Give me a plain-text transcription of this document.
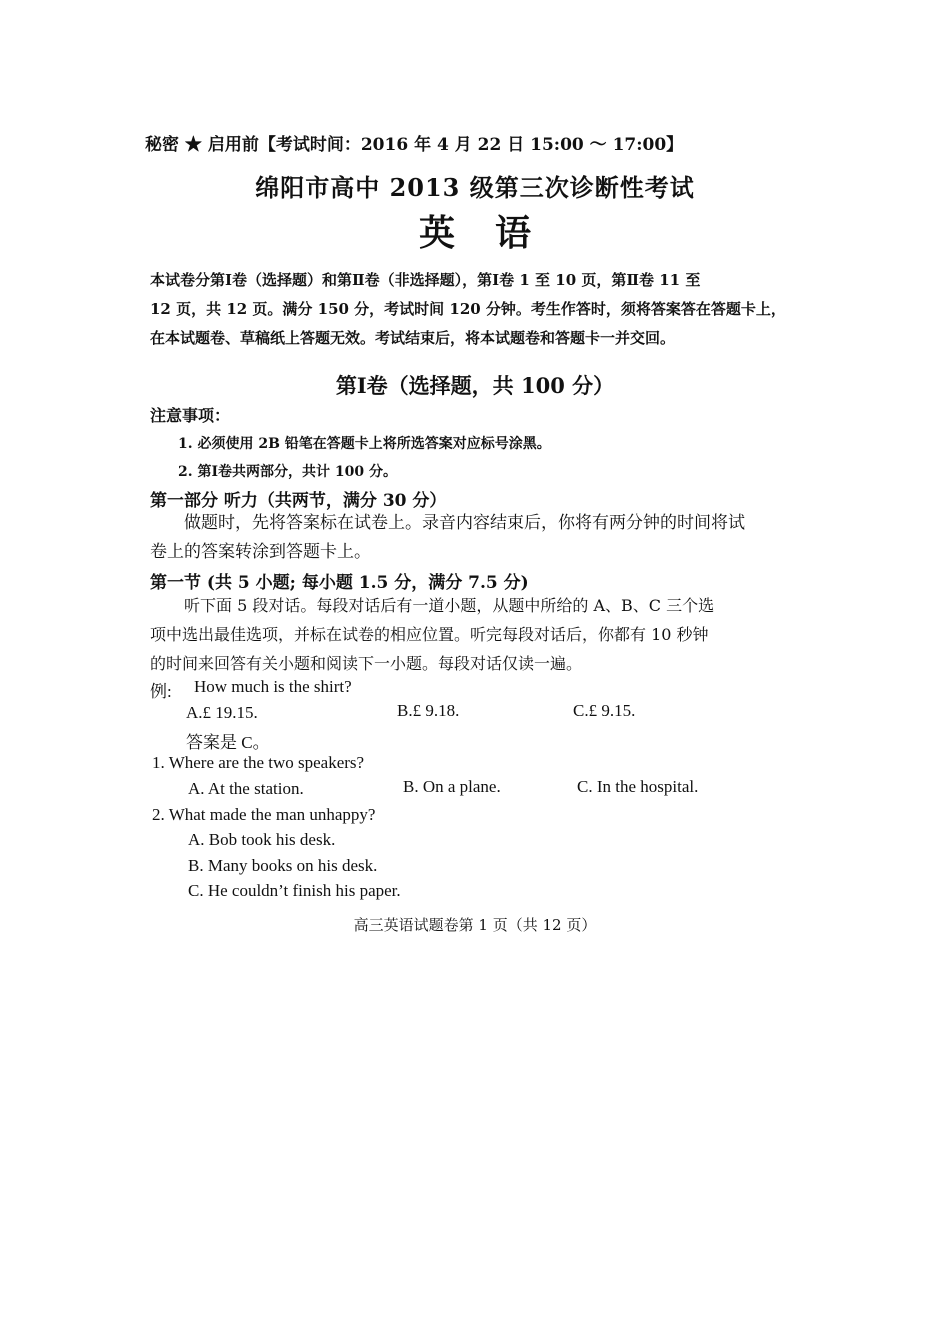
秘密 ★ 启用前【考试时间：2016 年 4 月 22 日 15:00 ～ 17:00】
绵阳市高中 2013 级第三次诊断性考试
英语

本试卷分第Ⅰ卷（选择题）和第Ⅱ卷（非选择题），第Ⅰ卷 1 至 10 页，第Ⅱ卷 11 至

12 页，共 12 页。满分 150 分，考试时间 120 分钟。考生作答时，须将答案答在答题卡上，

在本试题卷、草稿纸上答题无效。考试结束后，将本试题卷和答题卡一并交回。

第Ⅰ卷（选择题，共 100 分）
注意事项：
1. 必须使用 2B 铅笔在答题卡上将所选答案对应标号涂黑。
2. 第Ⅰ卷共两部分，共计 100 分。
第一部分 听力（共两节，满分 30 分）

做题时，先将答案标在试卷上。录音内容结束后，你将有两分钟的时间将试

卷上的答案转涂到答题卡上。

第一节 (共 5 小题; 每小题 1.5 分，满分 7.5 分)

听下面 5 段对话。每段对话后有一道小题，从题中所给的 A、B、C 三个选

项中选出最佳选项，并标在试卷的相应位置。听完每段对话后，你都有 10 秒钟

的时间来回答有关小题和阅读下一小题。每段对话仅读一遍。

例: How much is the shirt?
A.£ 19.15.	B.£ 9.18.	C.£ 9.15.
答案是 C。
1. Where are the two speakers?
A. At the station.	B. On a plane.	C. In the hospital.
2. What made the man unhappy?
A. Bob took his desk.
B. Many books on his desk.
C. He couldn’t finish his paper.
高三英语试题卷第 1 页（共 12 页）
